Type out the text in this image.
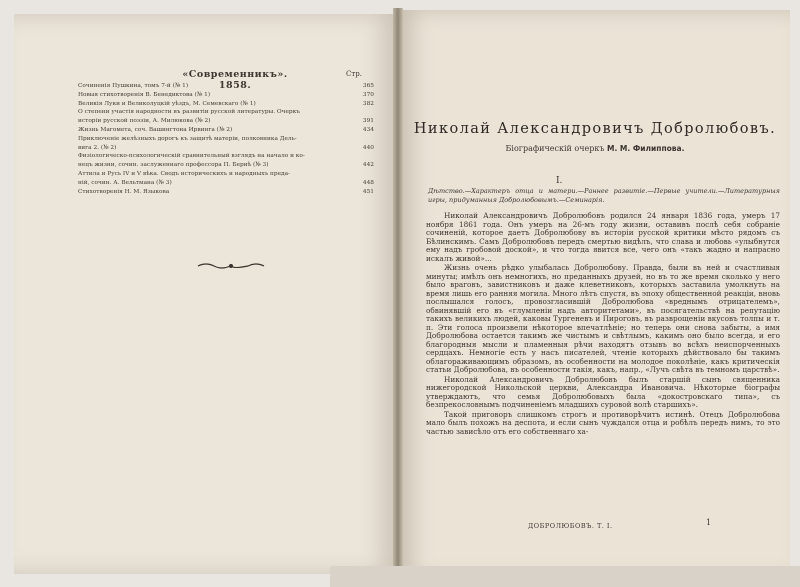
«Современникъ». 1858.
Стр.
Сочиненія Пушкина, томъ 7-й (№ 1)	365
Новыя стихотворенія В. Бенедиктова (№ 1)	370
Великія Луки и Великолуцкій уѣздъ, М. Семевскаго (№ 1)	382
О степени участія народности въ развитіи русской литературы. Очеркъ
исторіи русской поэзіи, А. Милюкова (№ 2)	391
Жизнь Магомета, соч. Вашингтона Ирвинга (№ 2)	434
Приключеніе желѣзныхъ дорогъ къ защитѣ матеріи, полковника Дель-
вига 2. (№ 2)	440
Физіологическо-психологическій сравнительный взглядъ на начало и ко-
нецъ жизни, сочин. заслуженнаго профессора П. Бериѣ (№ 3)	442
Аттила и Русь IV и V вѣка. Сводъ историческихъ и народныхъ преда-
ній, сочин. А. Вельтмана (№ 3)	448
Стихотворенія Н. М. Языкова	451
Николай Александровичъ Добролюбовъ.
Біографическій очеркъ М. М. Филиппова.
I.
Дѣтство.—Характеръ отца и матери.—Раннее развитіе.—Первые учители.—Литературныя игры, придуманныя Добролюбовымъ.—Семинарія.

Николай Александровичъ Добролюбовъ родился 24 января 1836 года, умеръ 17 ноября 1861 года. Онъ умеръ на 26-мъ году жизни, оставивъ послѣ себя собраніе сочиненій, которое даетъ Добролюбову въ исторіи русской критики мѣсто рядомъ съ Бѣлинскимъ. Самъ Добролюбовъ передъ смертью видѣлъ, что слава и любовь «улыбнутся ему надъ гробовой доской», и что тогда явится все, чего онъ «такъ жадно и напрасно искалъ живой»...

Жизнь очень рѣдко улыбалась Добролюбову. Правда, были въ ней и счастливыя минуты; имѣлъ онъ немногихъ, но преданныхъ друзей, но въ то же время сколько у него было враговъ, завистниковъ и даже клеветниковъ, которыхъ заставила умолкнуть на время лишь его ранняя могила. Много лѣтъ спустя, въ эпоху общественной реакціи, вновь послышался голосъ, провозгласившій Добролюбова «вреднымъ отрицателемъ», обвинявшій его въ «глумленіи надъ авторитетами», въ посягательствѣ на репутацію такихъ великихъ людей, каковы Тургеневъ и Пироговъ, въ разврощеніи вкусовъ толпы и т. п. Эти голоса произвели нѣкоторое впечатлѣніе; но теперь они снова забыты, а имя Добролюбова остается такимъ же чистымъ и свѣтлымъ, какимъ оно было всегда, и его благородныя мысли и пламенныя рѣчи находятъ отзывъ во всѣхъ неиспорченныхъ сердцахъ. Немногіе есть у насъ писателей, чтеніе которыхъ дѣйствовало бы такимъ облагораживающимъ образомъ, въ особенности на молодое поколѣніе, какъ критическія статьи Добролюбова, въ особенности такія, какъ, напр., «Лучъ свѣта въ темномъ царствѣ».

Николай Александровичъ Добролюбовъ былъ старшій сынъ священника нижегородской Никольской церкви, Александра Ивановича. Нѣкоторые біографы утверждаютъ, что семья Добролюбовыхъ была «докостровскаго типа», съ безпрекословнымъ подчиненіемъ младшихъ суровой волѣ старшихъ».

Такой приговоръ слишкомъ строгъ и противорѣчитъ истинѣ. Отецъ Добролюбова мало былъ похожъ на деспота, и если сынъ чуждался отца и робѣлъ передъ нимъ, то это частью зависѣло отъ его собственнаго ха-

ДОБРОЛЮБОВЪ. Т. I.	1
